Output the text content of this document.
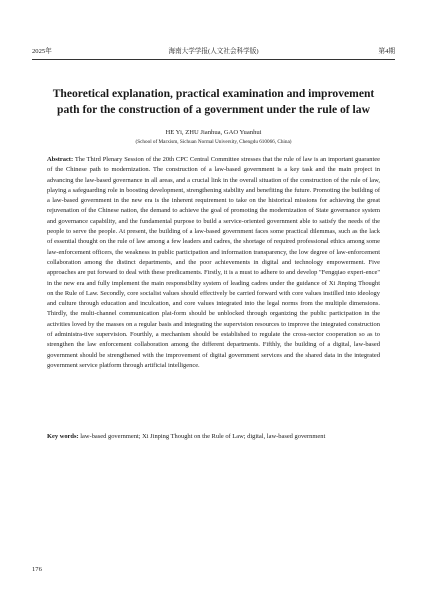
2025年	海南大学学报(人文社会科学版)	第4期
Theoretical explanation, practical examination and improvement path for the construction of a government under the rule of law
HE Yi, ZHU Jianhua, GAO Yuanhui
(School of Marxism, Sichuan Normal University, Chengdu 610066, China)
Abstract: The Third Plenary Session of the 20th CPC Central Committee stresses that the rule of law is an important guarantee of the Chinese path to modernization. The construction of a law-based government is a key task and the main project in advancing the law-based governance in all areas, and a crucial link in the overall situation of the construction of the rule of law, playing a safeguarding role in boosting development, strengthening stability and benefiting the future. Promoting the building of a law-based government in the new era is the inherent requirement to take on the historical missions for achieving the great rejuvenation of the Chinese nation, the demand to achieve the goal of promoting the modernization of State governance system and governance capability, and the fundamental purpose to build a service-oriented government able to satisfy the needs of the people to serve the people. At present, the building of a law-based government faces some practical dilemmas, such as the lack of essential thought on the rule of law among a few leaders and cadres, the shortage of required professional ethics among some law-enforcement officers, the weakness in public participation and information transparency, the low degree of law-enforcement collaboration among the distinct departments, and the poor achievements in digital and technology empowerment. Five approaches are put forward to deal with these predicaments. Firstly, it is a must to adhere to and develop "Fengqiao experi-ence" in the new era and fully implement the main responsibility system of leading cadres under the guidance of Xi Jinping Thought on the Rule of Law. Secondly, core socialist values should effectively be carried forward with core values instilled into ideology and culture through education and inculcation, and core values integrated into the legal norms from the multiple dimensions. Thirdly, the multi-channel communication plat-form should be unblocked through organizing the public participation in the activities loved by the masses on a regular basis and integrating the supervision resources to improve the integrated construction of administra-tive supervision. Fourthly, a mechanism should be established to regulate the cross-sector cooperation so as to strengthen the law enforcement collaboration among the different departments. Fifthly, the building of a digital, law-based government should be strengthened with the improvement of digital government services and the shared data in the integrated government service platform through artificial intelligence.
Key words: law-based government; Xi Jinping Thought on the Rule of Law; digital, law-based government
176
